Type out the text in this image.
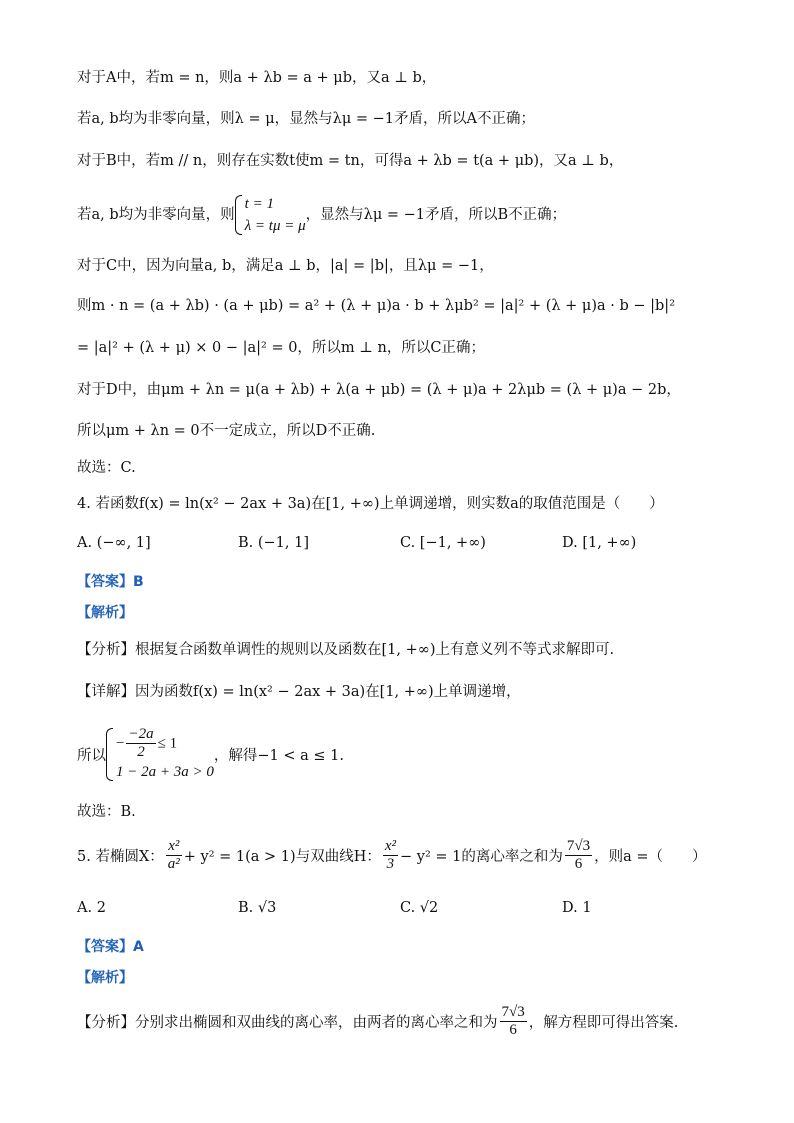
对于A中，若m = n，则a + λb = a + μb，又a ⊥ b，
若a, b均为非零向量，则λ = μ，显然与λμ = −1矛盾，所以A不正确；
对于B中，若m // n，则存在实数t使m = tn，可得a + λb = t(a + μb)，又a ⊥ b，
若a, b均为非零向量，则
t = 1
λ = tμ = μ
，显然与λμ = −1矛盾，所以B不正确；
对于C中，因为向量a, b，满足a ⊥ b，|a| = |b|，且λμ = −1，
则m · n = (a + λb) · (a + μb) = a² + (λ + μ)a · b + λμb² = |a|² + (λ + μ)a · b − |b|²
= |a|² + (λ + μ) × 0 − |a|² = 0，所以m ⊥ n，所以C正确；
对于D中，由μm + λn = μ(a + λb) + λ(a + μb) = (λ + μ)a + 2λμb = (λ + μ)a − 2b，
所以μm + λn = 0不一定成立，所以D不正确.
故选：C.
4. 若函数f(x) = ln(x² − 2ax + 3a)在[1, +∞)上单调递增，则实数a的取值范围是（　　）
A. (−∞, 1]	B. (−1, 1]	C. [−1, +∞)	D. [1, +∞)
【答案】B
【解析】
【分析】根据复合函数单调性的规则以及函数在[1, +∞)上有意义列不等式求解即可.
【详解】因为函数f(x) = ln(x² − 2ax + 3a)在[1, +∞)上单调递增，
所以
− $\frac{-2a}{2} \le 1$
1 − 2a + 3a > 0
，解得−1 < a ≤ 1.
故选：B.
5. 若椭圆X： $\frac{\text{x²}}{\text{a²}} + y^2 = 1(a > 1)$与双曲线H： $\frac{\text{x²}}{3} - y^2 = 1$的离心率之和为 $\frac{7√3}{6}$ ，则a =（　　）
A. 2	B. √3	C. √2	D. 1
【答案】A
【解析】
【分析】分别求出椭圆和双曲线的离心率，由两者的离心率之和为 $\frac{7√3}{6}$ ，解方程即可得出答案.
